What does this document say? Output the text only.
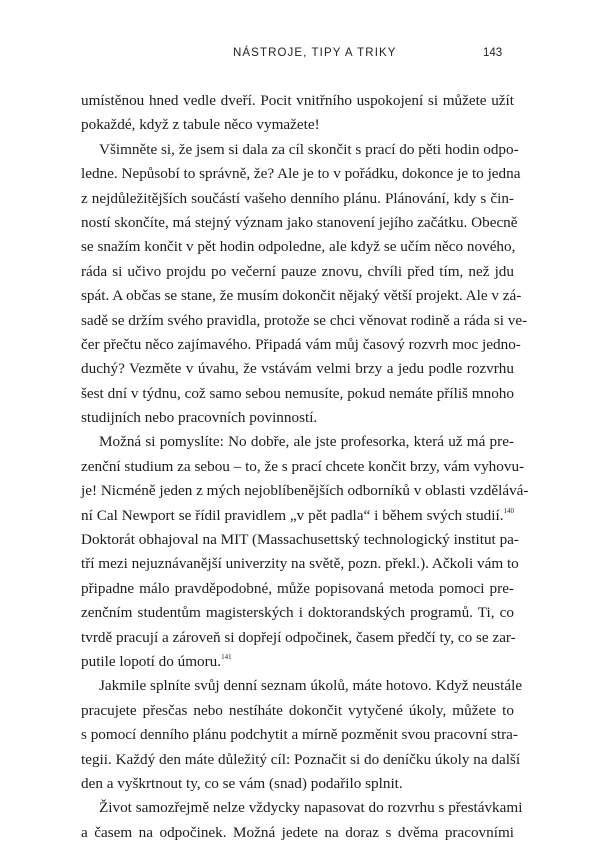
NÁSTROJE, TIPY A TRIKY	143
umístěnou hned vedle dveří. Pocit vnitřního uspokojení si můžete užít
pokaždé, když z tabule něco vymažete!
Všimněte si, že jsem si dala za cíl skončit s prací do pěti hodin odpo-
ledne. Nepůsobí to správně, že? Ale je to v pořádku, dokonce je to jedna
z nejdůležitějších součástí vašeho denního plánu. Plánování, kdy s čin-
ností skončíte, má stejný význam jako stanovení jejího začátku. Obecně
se snažím končit v pět hodin odpoledne, ale když se učím něco nového,
ráda si učivo projdu po večerní pauze znovu, chvíli před tím, než jdu
spát. A občas se stane, že musím dokončit nějaký větší projekt. Ale v zá-
sadě se držím svého pravidla, protože se chci věnovat rodině a ráda si ve-
čer přečtu něco zajímavého. Připadá vám můj časový rozvrh moc jedno-
duchý? Vezměte v úvahu, že vstávám velmi brzy a jedu podle rozvrhu
šest dní v týdnu, což samo sebou nemusíte, pokud nemáte příliš mnoho
studijních nebo pracovních povinností.
Možná si pomyslíte: No dobře, ale jste profesorka, která už má pre-
zenční studium za sebou – to, že s prací chcete končit brzy, vám vyhovu-
je! Nicméně jeden z mých nejoblíbenějších odborníků v oblasti vzdělává-
ní Cal Newport se řídil pravidlem „v pět padla“ i během svých studií.$^{140}$
Doktorát obhajoval na MIT (Massachusettský technologický institut pa-
tří mezi nejuznávanější univerzity na světě, pozn. překl.). Ačkoli vám to
připadne málo pravděpodobné, může popisovaná metoda pomoci pre-
zenčním studentům magisterských i doktorandských programů. Ti, co
tvrdě pracují a zároveň si dopřejí odpočinek, časem předčí ty, co se zar-
putile lopotí do úmoru.$^{141}$
Jakmile splníte svůj denní seznam úkolů, máte hotovo. Když neustále
pracujete přesčas nebo nestíháte dokončit vytyčené úkoly, můžete to
s pomocí denního plánu podchytit a mírně pozměnit svou pracovní stra-
tegii. Každý den máte důležitý cíl: Poznačit si do deníčku úkoly na další
den a vyškrtnout ty, co se vám (snad) podařilo splnit.
Život samozřejmě nelze vždycky napasovat do rozvrhu s přestávkami
a časem na odpočinek. Možná jedete na doraz s dvěma pracovními
